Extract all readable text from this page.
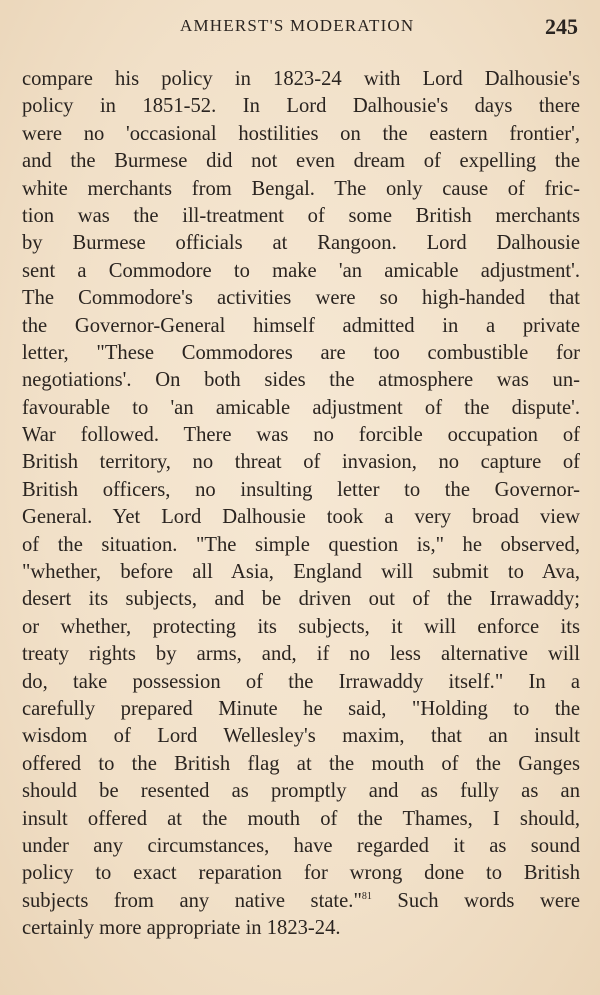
AMHERST'S MODERATION	245
compare his policy in 1823-24 with Lord Dalhousie's
policy in 1851-52. In Lord Dalhousie's days there
were no 'occasional hostilities on the eastern frontier',
and the Burmese did not even dream of expelling the
white merchants from Bengal. The only cause of fric-
tion was the ill-treatment of some British merchants
by Burmese officials at Rangoon. Lord Dalhousie
sent a Commodore to make 'an amicable adjustment'.
The Commodore's activities were so high-handed that
the Governor-General himself admitted in a private
letter, "These Commodores are too combustible for
negotiations'. On both sides the atmosphere was un-
favourable to 'an amicable adjustment of the dispute'.
War followed. There was no forcible occupation of
British territory, no threat of invasion, no capture of
British officers, no insulting letter to the Governor-
General. Yet Lord Dalhousie took a very broad view
of the situation. "The simple question is," he observed,
"whether, before all Asia, England will submit to Ava,
desert its subjects, and be driven out of the Irrawaddy;
or whether, protecting its subjects, it will enforce its
treaty rights by arms, and, if no less alternative will
do, take possession of the Irrawaddy itself." In a
carefully prepared Minute he said, "Holding to the
wisdom of Lord Wellesley's maxim, that an insult
offered to the British flag at the mouth of the Ganges
should be resented as promptly and as fully as an
insult offered at the mouth of the Thames, I should,
under any circumstances, have regarded it as sound
policy to exact reparation for wrong done to British
subjects from any native state."$^{81}$ Such words were
certainly more appropriate in 1823-24.
